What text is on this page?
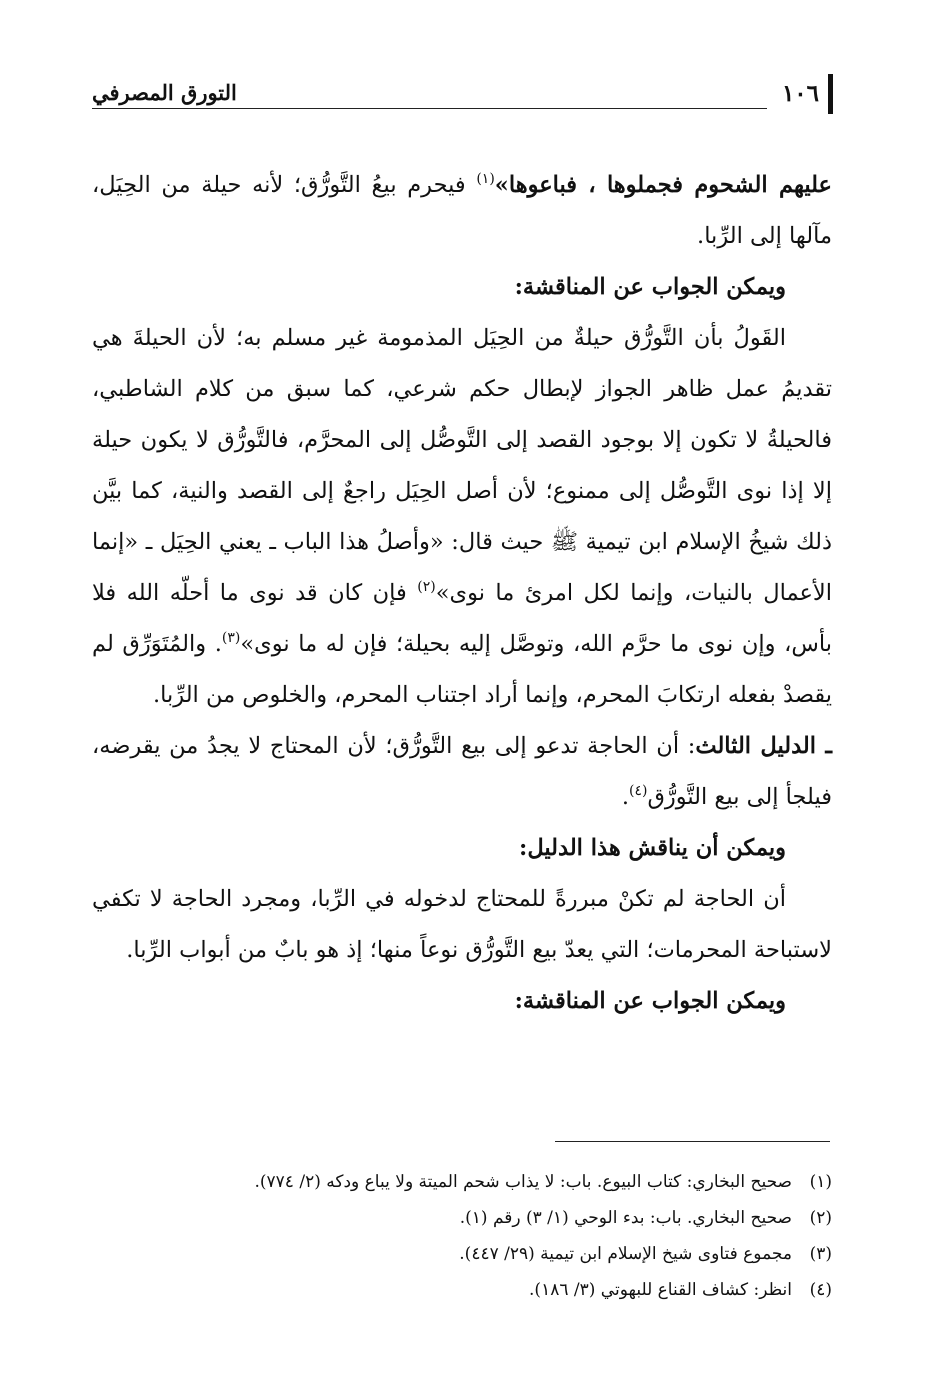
التورق المصرفي	١٠٦

عليهم الشحوم فجملوها ، فباعوها»$^{(١)}$ فيحرم بيعُ التَّورُّق؛ لأنه حيلة من الحِيَل، مآلها إلى الرِّبا.

ويمكن الجواب عن المناقشة:

القَولُ بأن التَّورُّق حيلةٌ من الحِيَل المذمومة غير مسلم به؛ لأن الحيلةَ هي تقديمُ عمل ظاهر الجواز لإبطال حكم شرعي، كما سبق من كلام الشاطبي، فالحيلةُ لا تكون إلا بوجود القصد إلى التَّوصُّل إلى المحرَّم، فالتَّورُّق لا يكون حيلة إلا إذا نوى التَّوصُّل إلى ممنوع؛ لأن أصل الحِيَل راجعٌ إلى القصد والنية، كما بيَّن ذلك شيخُ الإسلام ابن تيمية ﷺ حيث قال: «وأصلُ هذا الباب ـ يعني الحِيَل ـ «إنما الأعمال بالنيات، وإنما لكل امرئ ما نوى»$^{(٢)}$ فإن كان قد نوى ما أحلّه الله فلا بأس، وإن نوى ما حرَّم الله، وتوصَّل إليه بحيلة؛ فإن له ما نوى»$^{(٣)}$. والمُتَوَرِّق لم يقصدْ بفعله ارتكابَ المحرم، وإنما أراد اجتناب المحرم، والخلوص من الرِّبا.

ـ الدليل الثالث: أن الحاجة تدعو إلى بيع التَّورُّق؛ لأن المحتاج لا يجدُ من يقرضه، فيلجأ إلى بيع التَّورُّق$^{(٤)}$.

ويمكن أن يناقش هذا الدليل:

أن الحاجة لم تكنْ مبررةً للمحتاج لدخوله في الرِّبا، ومجرد الحاجة لا تكفي لاستباحة المحرمات؛ التي يعدّ بيع التَّورُّق نوعاً منها؛ إذ هو بابٌ من أبواب الرِّبا.

ويمكن الجواب عن المناقشة:

(١)صحيح البخاري: كتاب البيوع. باب: لا يذاب شحم الميتة ولا يباع ودكه (٢/ ٧٧٤).
(٢)صحيح البخاري. باب: بدء الوحي (١/ ٣) رقم (١).
(٣)مجموع فتاوى شيخ الإسلام ابن تيمية (٢٩/ ٤٤٧).
(٤)انظر: كشاف القناع للبهوتي (٣/ ١٨٦).
